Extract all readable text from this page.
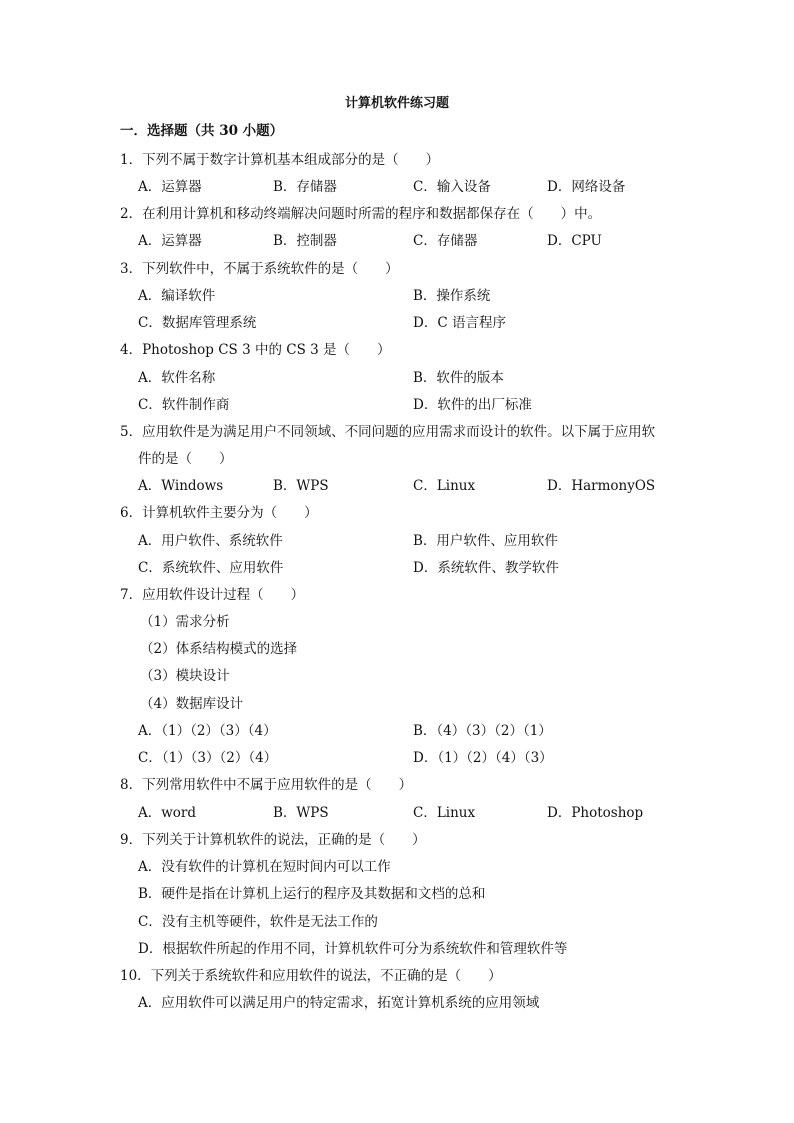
计算机软件练习题
一．选择题（共 30 小题）
1．下列不属于数字计算机基本组成部分的是（　　）
A．运算器	B．存储器	C．输入设备	D．网络设备
2．在利用计算机和移动终端解决问题时所需的程序和数据都保存在（　　）中。
A．运算器	B．控制器	C．存储器	D．CPU
3．下列软件中，不属于系统软件的是（　　）
A．编译软件	B．操作系统
C．数据库管理系统	D．C 语言程序
4．Photoshop CS 3 中的 CS 3 是（　　）
A．软件名称	B．软件的版本
C．软件制作商	D．软件的出厂标准
5．应用软件是为满足用户不同领域、不同问题的应用需求而设计的软件。以下属于应用软
件的是（　　）
A．Windows	B．WPS	C．Linux	D．HarmonyOS
6．计算机软件主要分为（　　）
A．用户软件、系统软件	B．用户软件、应用软件
C．系统软件、应用软件	D．系统软件、教学软件
7．应用软件设计过程（　　）
（1）需求分析
（2）体系结构模式的选择
（3）模块设计
（4）数据库设计
A．（1）（2）（3）（4）	B．（4）（3）（2）（1）
C．（1）（3）（2）（4）	D．（1）（2）（4）（3）
8．下列常用软件中不属于应用软件的是（　　）
A．word	B．WPS	C．Linux	D．Photoshop
9．下列关于计算机软件的说法，正确的是（　　）
A．没有软件的计算机在短时间内可以工作
B．硬件是指在计算机上运行的程序及其数据和文档的总和
C．没有主机等硬件，软件是无法工作的
D．根据软件所起的作用不同，计算机软件可分为系统软件和管理软件等
10．下列关于系统软件和应用软件的说法，不正确的是（　　）
A．应用软件可以满足用户的特定需求，拓宽计算机系统的应用领域
